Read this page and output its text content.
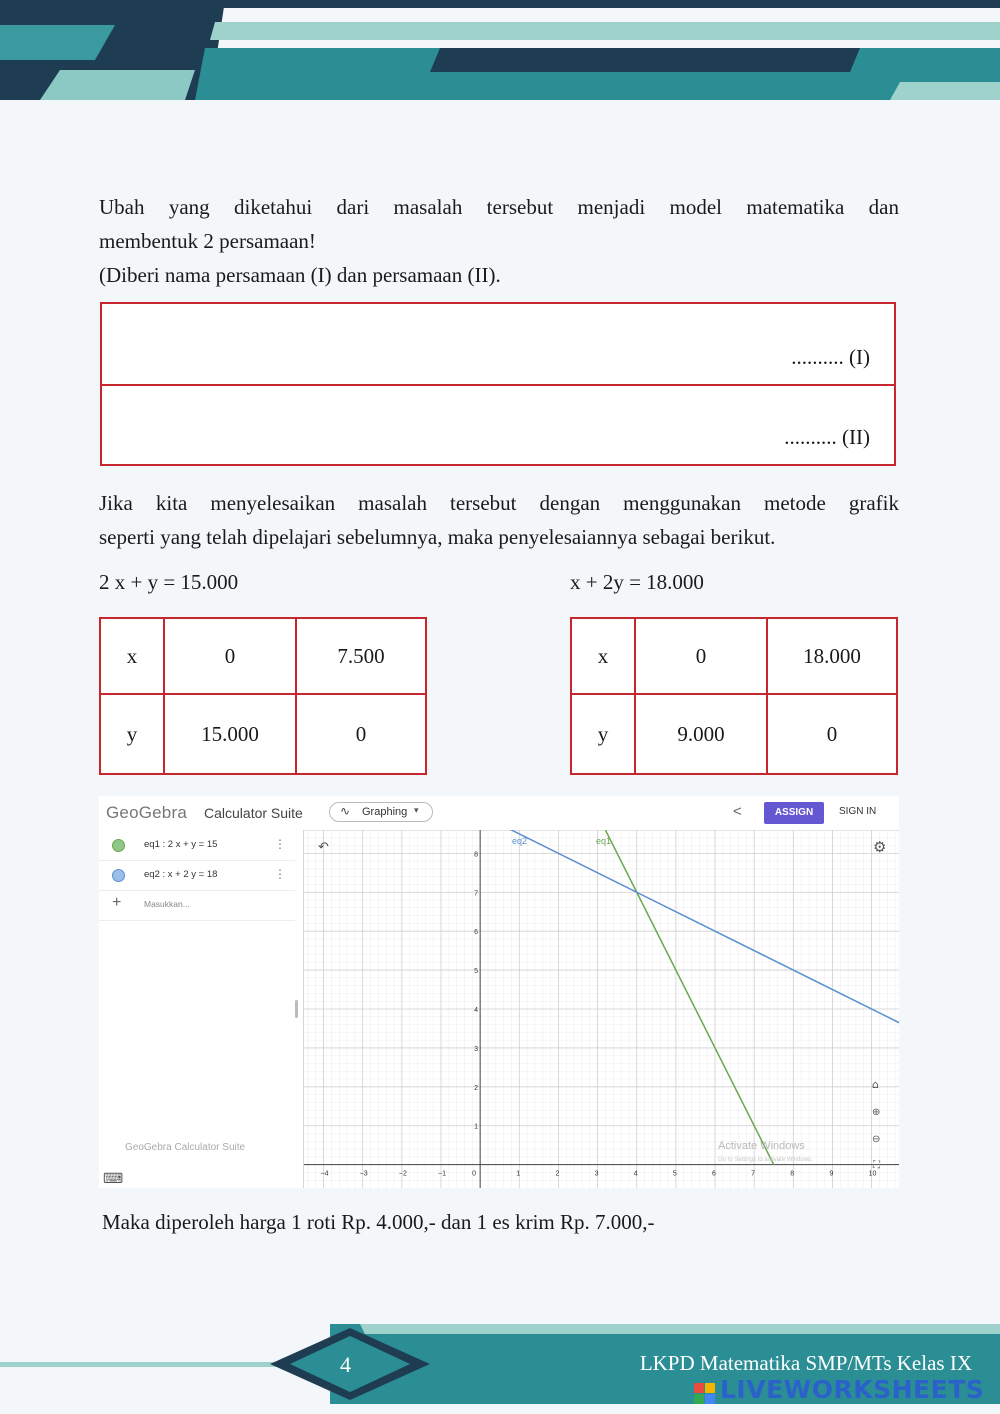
Ubah yang diketahui dari masalah tersebut menjadi model matematika dan

membentuk 2 persamaan!

(Diberi nama persamaan (I) dan persamaan (II).

.......... (I)
.......... (II)

Jika kita menyelesaikan masalah tersebut dengan menggunakan metode grafik

seperti yang telah dipelajari sebelumnya, maka penyelesaiannya sebagai berikut.

2 x + y = 15.000	x + 2y = 18.000
x	0	7.500
y	15.000	0
x	0	18.000
y	9.000	0
GeoGebra Calculator Suite	∿ Graphing ▾	<	ASSIGN	SIGN IN
eq1 : 2 x + y = 15	⋮
eq2 : x + 2 y = 18	⋮
+	Masukkan...
GeoGebra Calculator Suite
⌨	−4	−3	−2	−1	0	1	2	3	4	5	6	7	8	9	10
1
2
3
4
5
6
7
8
eq2	eq1
↶	⚙
⌂
⊕
⊖
⛶
Activate Windows
Go to Settings to activate Windows.
Maka diperoleh harga 1 roti Rp. 4.000,- dan 1 es krim Rp. 7.000,-
4	LKPD Matematika SMP/MTs Kelas IX
LIVEWORKSHEETS
